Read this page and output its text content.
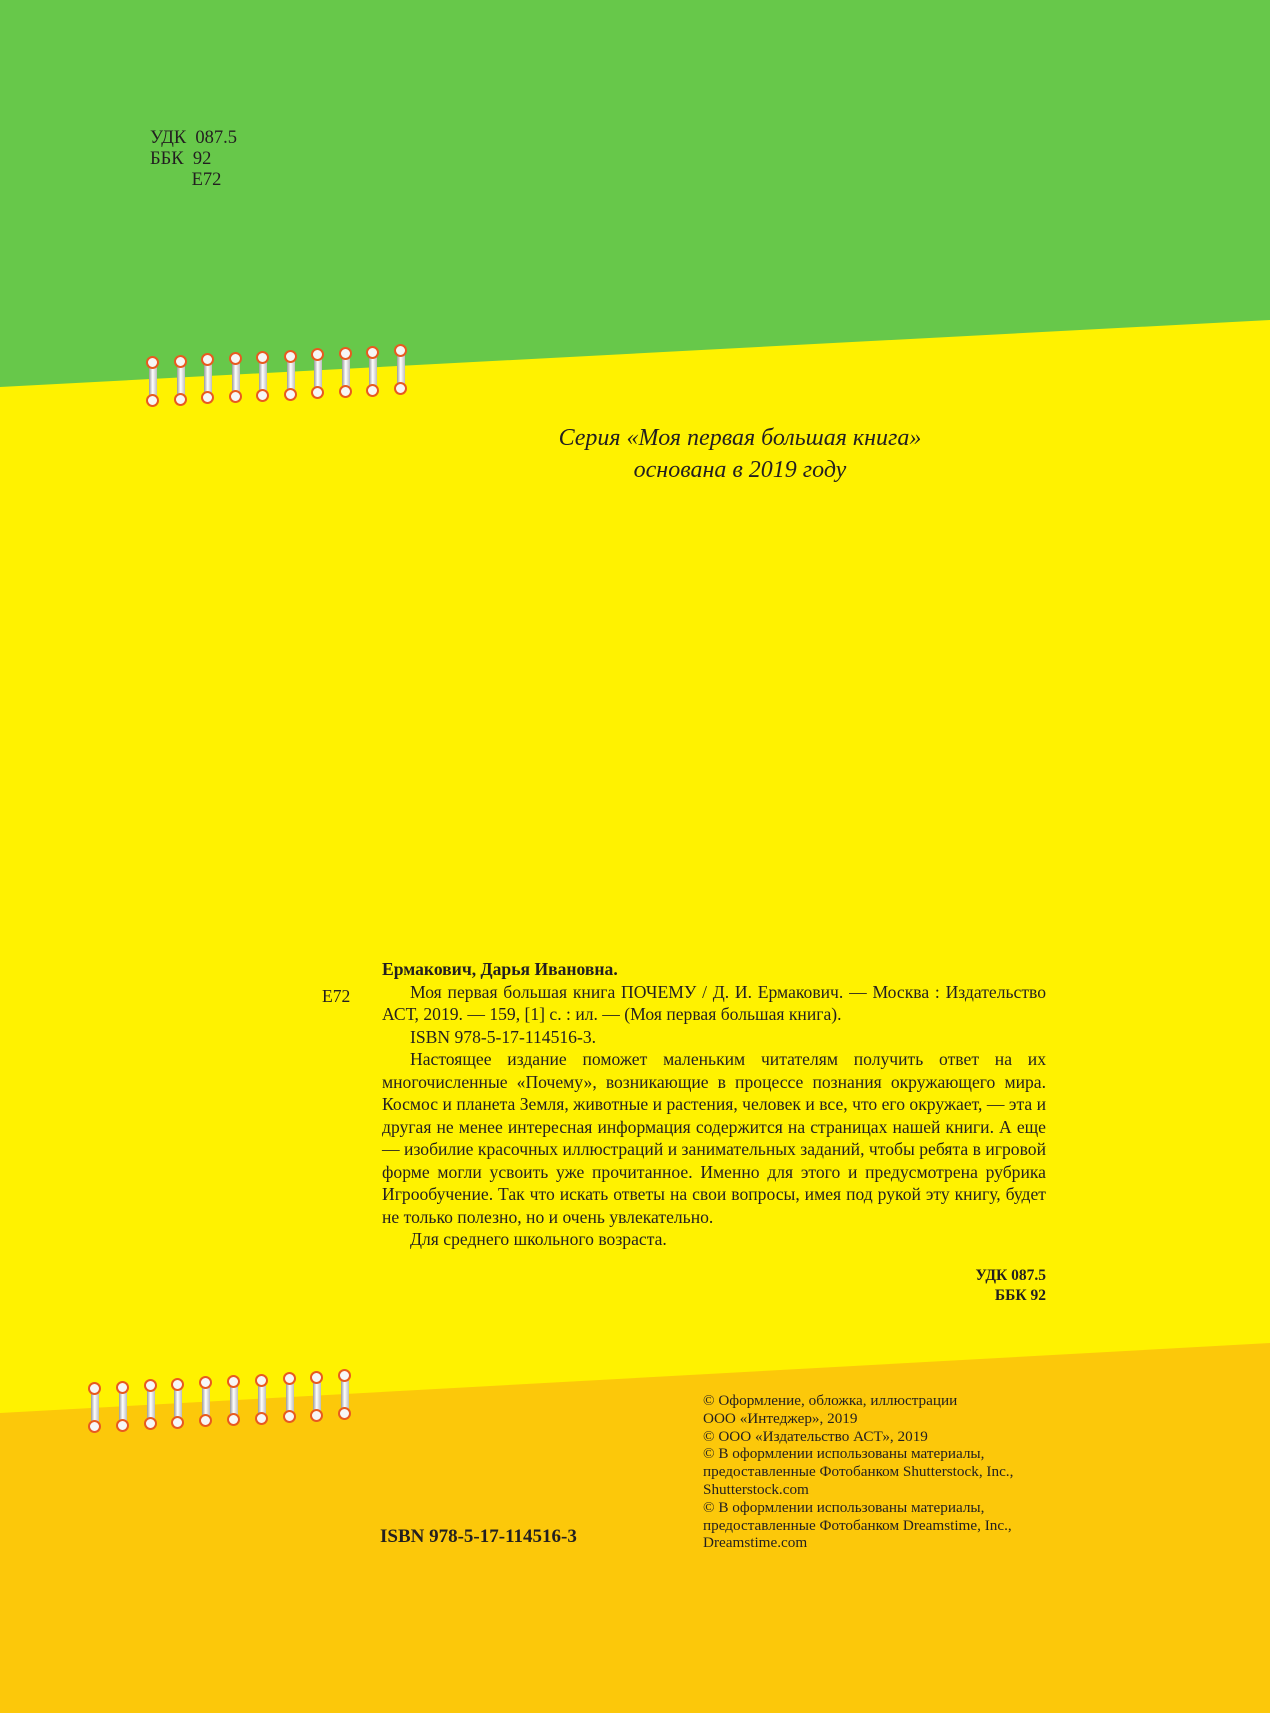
УДК  087.5
ББК  92
Е72
Серия «Моя первая большая книга»
основана в 2019 году
Е72

Ермакович, Дарья Ивановна.

Моя первая большая книга ПОЧЕМУ / Д. И. Ермакович. — Москва : Издательство АСТ, 2019. — 159, [1] с. : ил. — (Моя первая большая книга).

ISBN 978-5-17-114516-3.

Настоящее издание поможет маленьким читателям получить ответ на их многочисленные «Почему», возникающие в процессе познания окружающего мира. Космос и планета Земля, животные и растения, человек и все, что его окружает, — эта и другая не менее интересная информация содержится на страницах нашей книги. А еще — изобилие красочных иллюстраций и занимательных заданий, чтобы ребята в игровой форме могли усвоить уже прочитанное. Именно для этого и предусмотрена рубрика Игрообучение. Так что искать ответы на свои вопросы, имея под рукой эту книгу, будет не только полезно, но и очень увлекательно.

Для среднего школьного возраста.

УДК 087.5
ББК 92
ISBN 978-5-17-114516-3
© Оформление, обложка, иллюстрации
ООО «Интеджер», 2019
© ООО «Издательство АСТ», 2019
© В оформлении использованы материалы,
предоставленные Фотобанком Shutterstock, Inc.,
Shutterstock.com
© В оформлении использованы материалы,
предоставленные Фотобанком Dreamstime, Inc.,
Dreamstime.com
